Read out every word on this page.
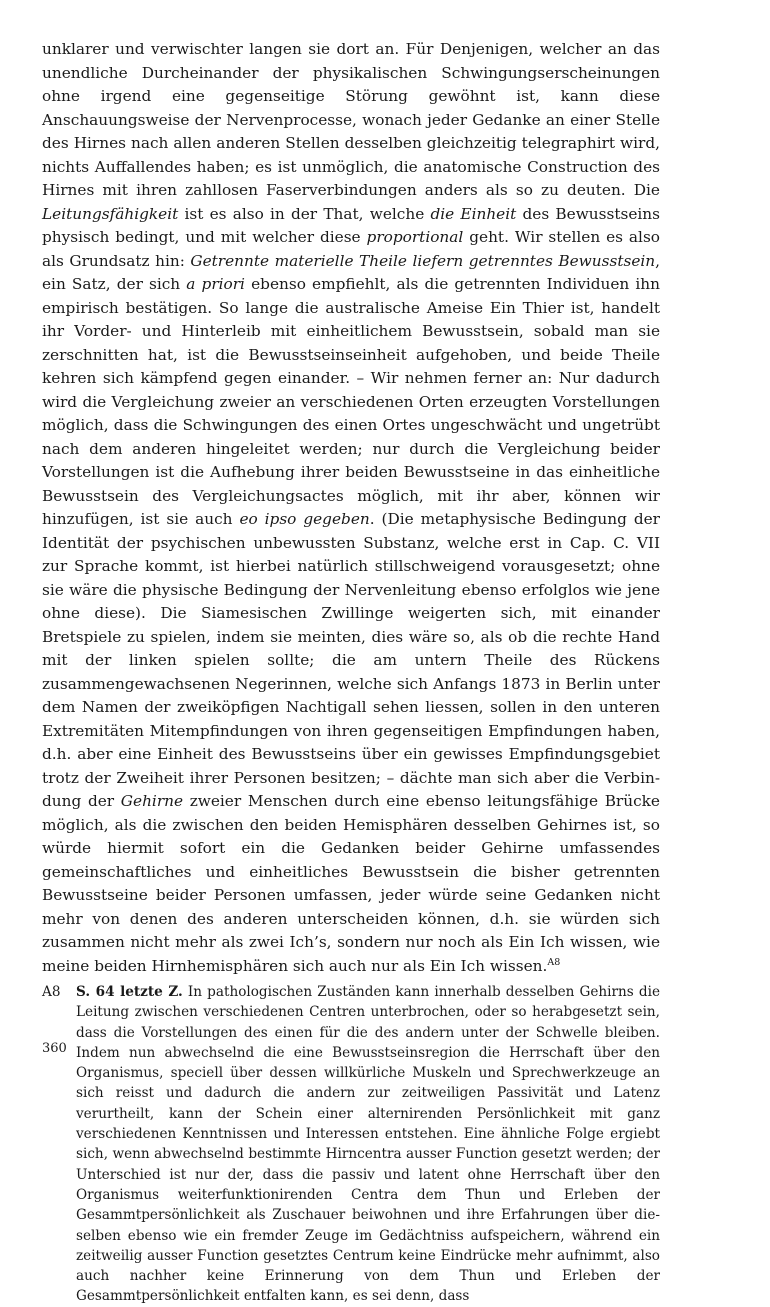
unklarer und verwischter langen sie dort an. Für Denjenigen, welcher an das unendliche Durcheinander der physikalischen Schwingungserscheinungen ohne irgend eine gegenseitige Störung gewöhnt ist, kann diese Anschauungsweise der Nervenprocesse, wonach jeder Gedanke an einer Stelle des Hirnes nach allen anderen Stellen desselben gleichzeitig telegraphirt wird, nichts Auffallendes haben; es ist unmöglich, die anatomische Construction des Hirnes mit ihren zahllosen Faserverbindungen anders als so zu deuten. Die Leitungsfähigkeit ist es also in der That, welche die Einheit des Bewusstseins physisch bedingt, und mit welcher diese proportional geht. Wir stellen es also als Grundsatz hin: Getrennte materielle Theile liefern getrenntes Bewusstsein, ein Satz, der sich a priori ebenso empfiehlt, als die getrennten Individuen ihn empirisch bestätigen. So lange die australische Ameise Ein Thier ist, handelt ihr Vorder- und Hinterleib mit einheitlichem Bewusstsein, sobald man sie zerschnitten hat, ist die Bewusstseinseinheit aufgehoben, und beide Theile kehren sich kämpfend gegen einander. – Wir nehmen ferner an: Nur dadurch wird die Vergleichung zweier an verschiedenen Orten erzeugten Vorstellungen möglich, dass die Schwingungen des einen Ortes ungeschwächt und ungetrübt nach dem anderen hingeleitet werden; nur durch die Vergleichung beider Vorstellungen ist die Aufhebung ihrer beiden Bewusstseine in das einheitliche Bewusstsein des Vergleichungsactes möglich, mit ihr aber, können wir hinzufügen, ist sie auch eo ipso gegeben. (Die metaphysische Bedingung der Identität der psychischen unbewussten Substanz, welche erst in Cap. C. VII zur Sprache kommt, ist hierbei natürlich stillschweigend vorausgesetzt; ohne sie wäre die physische Bedingung der Nervenleitung ebenso erfolglos wie jene ohne diese). Die Siamesischen Zwillinge weigerten sich, mit einander Bretspiele zu spielen, indem sie meinten, dies wäre so, als ob die rechte Hand mit der linken spielen sollte; die am untern Theile des Rückens zusammengewachsenen Negerinnen, welche sich Anfangs 1873 in Berlin unter dem Namen der zweiköpfigen Nachtigall sehen liessen, sollen in den unteren Extremitäten Mitempfindungen von ihren gegenseitigen Empfindungen haben, d.h. aber eine Einheit des Bewusstseins über ein gewisses Empfindungsgebiet trotz der Zweiheit ihrer Personen besitzen; – dächte man sich aber die Verbindung der Gehirne zweier Menschen durch eine ebenso leitungsfähige Brücke möglich, als die zwischen den beiden Hemisphären desselben Gehirnes ist, so würde hiermit sofort ein die Gedanken beider Gehirne umfassendes gemeinschaftliches und einheitliches Bewusstsein die bisher getrennten Bewusstseine beider Personen umfassen, jeder würde seine Gedanken nicht mehr von denen des anderen unterscheiden können, d.h. sie würden sich zusammen nicht mehr als zwei Ich’s, sondern nur noch als Ein Ich wissen, wie meine beiden Hirnhemisphären sich auch nur als Ein Ich wissen.$^{A8}$

A8	S. 64 letzte Z. In pathologischen Zuständen kann innerhalb desselben Gehirns die Leitung zwischen verschiedenen Centren unterbrochen, oder so herabgesetzt sein, dass die Vorstellungen des einen für die des andern unter der Schwelle bleiben. Indem nun abwechselnd die eine Bewusstseinsregion die Herrschaft über den Organismus, speciell über dessen willkürliche Muskeln und Sprechwerkzeuge an sich reisst und dadurch die andern zur zeitweiligen Passivität und Latenz verurtheilt, kann der Schein einer alternirenden Persönlichkeit mit ganz verschiedenen Kenntnissen und Interessen entstehen. Eine ähnliche Folge ergiebt sich, wenn abwechselnd bestimmte Hirncentra ausser Function gesetzt werden; der Unterschied ist nur der, dass die passiv und latent ohne Herrschaft über den Organismus weiterfunktionirenden Centra dem Thun und Erleben der Gesammtpersönlichkeit als Zuschauer beiwohnen und ihre Erfahrungen über dieselben ebenso wie ein fremder Zeuge im Gedächtniss aufspeichern, während ein zeitweilig ausser Function gesetztes Centrum keine Eindrücke mehr aufnimmt, also auch nachher keine Erinnerung von dem Thun und Erleben der Gesammtpersönlichkeit entfalten kann, es sei denn, dass
360
